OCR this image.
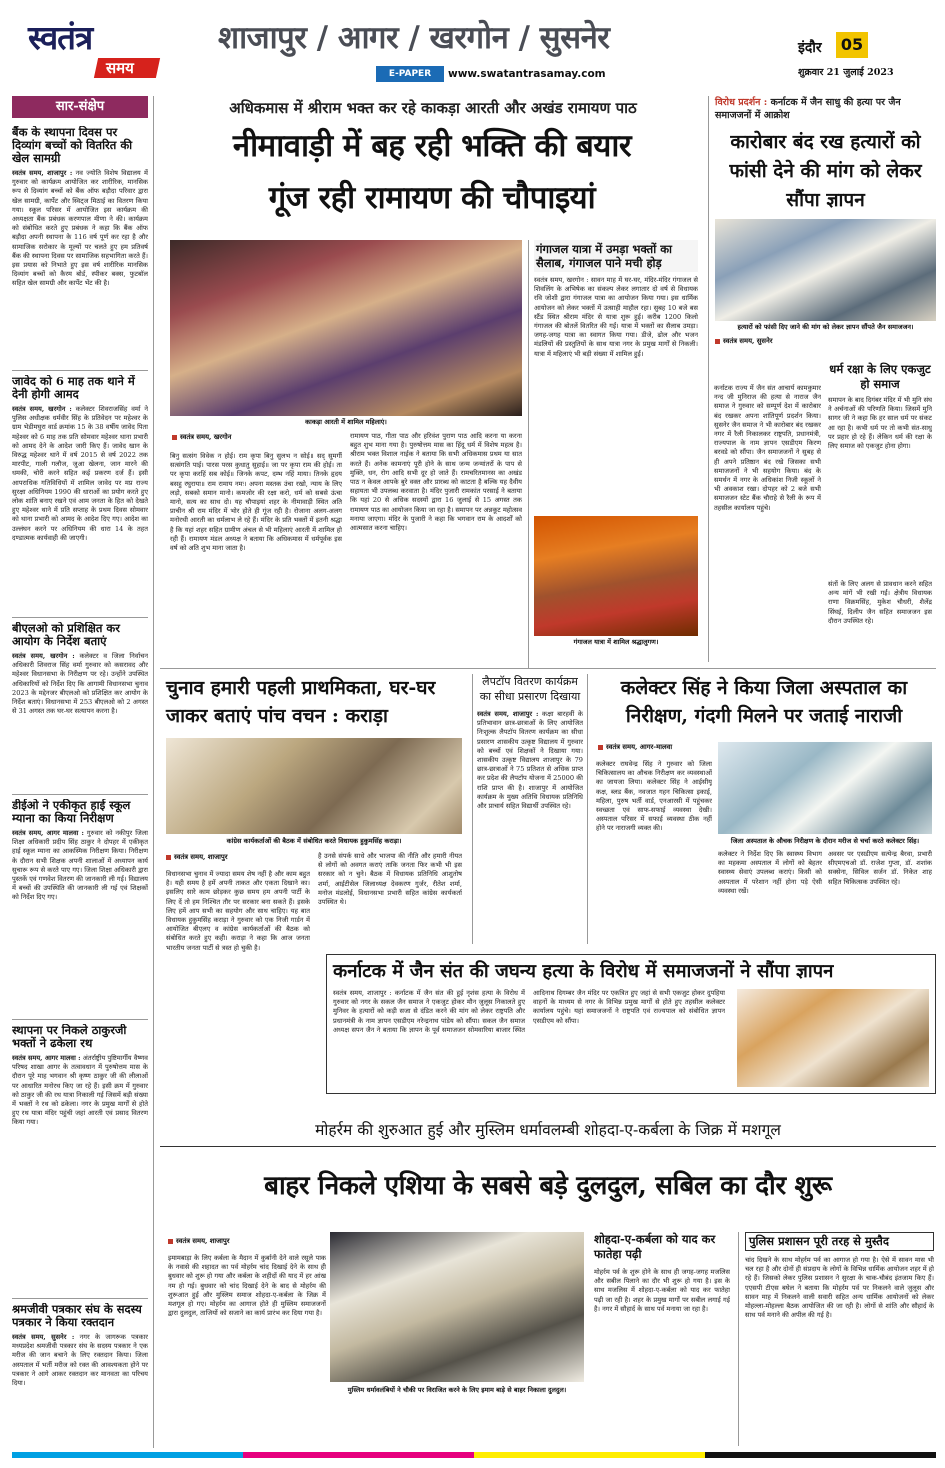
स्वतंत्र
समय
शाजापुर / आगर / खरगोन / सुसनेर
E-PAPER	www.swatantrasamay.com
इंदौर	05
शुक्रवार 21 जुलाई 2023
सार-संक्षेप
बैंक के स्थापना दिवस पर दिव्यांग बच्चों को वितरित की खेल सामग्री
स्वतंत्र समय, शाजापुर : नव ज्योति विशेष विद्यालय में गुरुवार को कार्यक्रम आयोजित कर शारीरिक, मानसिक रूप से दिव्यांग बच्चों को बैंक ऑफ बड़ौदा परिवार द्वारा खेल सामग्री, कार्पेट और स्विट्ज मिठाई का वितरण किया गया। स्कूल परिसर में आयोजित इस कार्यक्रम की अध्यक्षता बैंक प्रबंधक करणपाल मीणा ने की। कार्यक्रम को संबोधित करते हुए प्रबंधक ने कहा कि बैंक ऑफ बड़ौदा अपनी स्थापना के 116 वर्ष पूर्ण कर रहा है और सामाजिक सरोकार के मूल्यों पर चलते हुए हम प्रतिवर्ष बैंक की स्थापना दिवस पर सामाजिक सहभागिता करते हैं। इस प्रयास को निभाते हुए इस वर्ष शारीरिक मानसिक दिव्यांग बच्चों को कैरम बोर्ड, स्पीकर बक्स, फुटबॉल सहित खेल सामग्री और कार्पेट भेंट की है।
जावेद को 6 माह तक थाने में देनी होगी आमद
स्वतंत्र समय, खरगोन : कलेक्टर शिवराजसिंह वर्मा ने पुलिस अधीक्षक धर्मवीर सिंह के प्रतिवेदन पर महेश्वर के ग्राम भेडीमघुरा वार्ड क्रमांक 15 के 38 वर्षीय जावेद पिता महेश्वर को 6 माह तक प्रति सोमवार महेश्वर थाना प्रभारी को आमद देने के आदेश जारी किए हैं। जावेद खान के विरुद्ध महेश्वर थाने में वर्ष 2015 से वर्ष 2022 तक मारपीट, गाली गलौज, जुआ खेलना, जान मारने की धमकी, चोरी करने सहित कई प्रकरण दर्ज हैं। इसी आपराधिक गतिविधियों में शामिल जावेद पर मप्र राज्य सुरक्षा अधिनियम 1990 की धाराओं का प्रयोग करते हुए लोक शांति बनाए रखने एवं आम जनता के हित को देखते हुए महेश्वर थाने में प्रति सप्ताह के प्रथम दिवस सोमवार को थाना प्रभारी को आमद के आदेश दिए गए। आदेश का उल्लंघन करने पर अधिनियम की धारा 14 के तहत दण्डात्मक कार्यवाही की जाएगी।
बीएलओ को प्रशिक्षित कर आयोग के निर्देश बताएं
स्वतंत्र समय, खरगोन : कलेक्टर व जिला निर्वाचन अधिकारी शिवराज सिंह वर्मा गुरुवार को कसरावद और महेश्वर विधानसभा के निरीक्षण पर रहे। उन्होंने उपस्थित अधिकारियों को निर्देश दिए कि आगामी विधानसभा चुनाव 2023 के मद्देनजर बीएलओ को प्रशिक्षित कर आयोग के निर्देश बताएं। विधानसभा में 253 बीएलओ को 2 अगस्त से 31 अगस्त तक घर-घर सत्यापन करना है।
डीईओ ने एकीकृत हाई स्कूल म्याना का किया निरीक्षण
स्वतंत्र समय, आगर मालवा : गुरुवार को नकीपुर जिला शिक्षा अधिकारी प्रदीप सिंह ठाकुर ने दोपहर में एकीकृत हाई स्कूल म्याना का आकस्मिक निरीक्षण किया। निरीक्षण के दौरान सभी शिक्षक अपनी शालाओं में अध्यापन कार्य सुचारू रूप से करते पाए गए। जिला शिक्षा अधिकारी द्वारा पुस्तकें एवं गणवेश वितरण की जानकारी ली गई। विद्यालय में बच्चों की उपस्थिति की जानकारी ली गई एवं शिक्षकों को निर्देश दिए गए।
स्थापना पर निकले ठाकुरजी भक्तों ने ढकेला रथ
स्वतंत्र समय, आगर मालवा : अंतर्राष्ट्रीय पुष्टिमार्गीय वैष्णव परिषद शाखा आगर के तत्वावधान में पुरुषोत्तम मास के दौरान पूरे माह भगवान श्री कृष्ण ठाकुर जी की लीलाओं पर आधारित मनोरथ किए जा रहे हैं। इसी क्रम में गुरुवार को ठाकुर जी की रथ यात्रा निकाली गई जिसमें बड़ी संख्या में भक्तों ने रथ को ढकेला। नगर के प्रमुख मार्गों से होते हुए रथ यात्रा मंदिर पहुंची जहां आरती एवं प्रसाद वितरण किया गया।
श्रमजीवी पत्रकार संघ के सदस्य पत्रकार ने किया रक्तदान
स्वतंत्र समय, सुसनेर : नगर के जागरूक पत्रकार मध्यप्रदेश श्रमजीवी पत्रकार संघ के सदस्य पत्रकार ने एक मरीज की जान बचाने के लिए रक्तदान किया। जिला अस्पताल में भर्ती मरीज को रक्त की आवश्यकता होने पर पत्रकार ने आगे आकर रक्तदान कर मानवता का परिचय दिया।
अधिकमास में श्रीराम भक्त कर रहे काकड़ा आरती और अखंड रामायण पाठ
नीमावाड़ी में बह रही भक्ति की बयार
गूंज रही रामायण की चौपाइयां
काकड़ा आरती में शामिल महिलाएं।
स्वतंत्र समय, खरगोन
बिनु सत्संग विवेक न होई। राम कृपा बिनु सुलभ न सोई॥ सद् सुमर्गी सत्संगति पाई। पारस परस कुधातु सुहाई॥ जा पर कृपा राम की होई। ता पर कृपा करहिं सब कोई॥ जिनके कपट, दम्भ नहिं माया। तिनके हृदय बसहु रघुराया॥ राम रामाय नमः। अपना मस्तक उंचा रखो, न्याय के लिए लड़ो, सबको समान मानो। कमजोर की रक्षा करो, धर्म को सबसे ऊंचा मानो, सत्य का साथ दो। यह चौपाइयां शहर के नीमावाड़ी स्थित अति प्राचीन श्री राम मंदिर में भोर होते ही गूंज रही है। रोजाना अलग-अलग मनोरथी आरती का धर्मलाभ ले रहे हैं। मंदिर के प्रति भक्तों में इतनी श्रद्धा है कि यहां शहर सहित ग्रामीण अंचल से भी महिलाएं आरती में शामिल हो रही हैं। रामायण मंडल अध्यक्ष ने बताया कि अधिकमास में धर्मपूर्वक इस वर्ष को अति शुभ माना जाता है।
रामायण पाठ, गीता पाठ और हरिवंश पुराण पाठ आदि करना या करना बहुत शुभ माना गया है। पुरुषोत्तम मास का हिंदू धर्म में विशेष महत्व है। श्रीराम भक्त विशाल नाईक ने बताया कि सभी अधिकमास प्रथम या सात करते हैं। अनेक कामनाएं पूरी होने के साथ जन्म जन्मांतरों के पाप से मुक्ति, धन, रोग आदि सभी दूर हो जाते हैं। रामचरितमानस का अखंड पाठ न केवल आपके बुरे वक्त और प्रारब्ध को काटता है बल्कि यह दैवीय सहायता भी उपलब्ध करवाता है। मंदिर पुजारी रामकांत परसाई ने बताया कि यहां 20 से अधिक सदस्यों द्वारा 16 जुलाई से 15 अगस्त तक रामायण पाठ का आयोजन किया जा रहा है। समापन पर अन्नकूट महोत्सव मनाया जाएगा। मंदिर के पुजारी ने कहा कि भगवान राम के आदर्शों को आत्मसात करना चाहिए।
गंगाजल यात्रा में उमड़ा भक्तों का सैलाब, गंगाजल पाने मची होड़
स्वतंत्र समय, खरगोन : सावन माह में घर-घर, मंदिर-मंदिर गंगाजल से शिवलिंग के अभिषेक का संकल्प लेकर लगातार दो वर्ष से विधायक रवि जोशी द्वारा गंगाजल यात्रा का आयोजन किया गया। इस धार्मिक आयोजन को लेकर भक्तों में उत्साही माहौल रहा। सुबह 10 बजे बस स्टैंड स्थित श्रीराम मंदिर से यात्रा शुरू हुई। करीब 1200 किलो गंगाजल की बोतलें वितरित की गईं। यात्रा में भक्तों का सैलाब उमड़ा। जगह-जगह यात्रा का स्वागत किया गया। डीजे, ढोल और भजन मंडलियों की प्रस्तुतियों के साथ यात्रा नगर के प्रमुख मार्गों से निकली। यात्रा में महिलाएं भी बड़ी संख्या में शामिल हुईं।
गंगाजल यात्रा में शामिल श्रद्धालुगण।
विरोध प्रदर्शन : कर्नाटक में जैन साधु की हत्या पर जैन समाजजनों में आक्रोश
कारोबार बंद रख हत्यारों को फांसी देने की मांग को लेकर सौंपा ज्ञापन
हत्यारों को फांसी दिए जाने की मांग को लेकर ज्ञापन सौंपते जैन समाजजन।
स्वतंत्र समय, सुसनेर
कर्नाटक राज्य में जैन संत आचार्य कामकुमार नन्द जी मुनिराज की हत्या से नाराज जैन समाज ने गुरुवार को सम्पूर्ण देश में कारोबार बंद रखकर अपना शांतिपूर्ण प्रदर्शन किया। सुसनेर जैन समाज ने भी कारोबार बंद रखकर नगर में रैली निकालकर राष्ट्रपति, प्रधानमंत्री, राज्यपाल के नाम ज्ञापन एसडीएम किरण बरवडे को सौंपा। जैन समाजजनों ने सुबह से ही अपने प्रतिष्ठान बंद रखे जिसका सभी समाजजनों ने भी सहयोग किया। बंद के समर्थन में नगर के अधिकांश निजी स्कूलों ने भी अवकाश रखा। दोपहर को 2 बजे सभी समाजजन स्टेट बैंक चौराहे से रैली के रूप में तहसील कार्यालय पहुंचे।
धर्म रक्षा के लिए एकजुट हो समाज
समापन के बाद दिगंबर मंदिर में भी मुनि संघ ने अर्चनाओं की परिणति किया। जिसमें मुनि सागर जी ने कहा कि हर साल धर्म पर संकट आ रहा है। कभी धर्म पर तो कभी संत-साधु पर प्रहार हो रहे हैं। लेकिन धर्म की रक्षा के लिए समाज को एकजुट होना होगा।
संतों के लिए अलग से प्रावधान करने सहित अन्य मांगें भी रखी गईं। क्षेत्रीय विधायक राणा विक्रमसिंह, मुकेश चौधरी, शैलेंद्र सिंघई, दिलीप जैन सहित समाजजन इस दौरान उपस्थित रहे।
चुनाव हमारी पहली प्राथमिकता, घर-घर जाकर बताएं पांच वचन : कराड़ा
कांग्रेस कार्यकर्ताओं की बैठक में संबोधित करते विधायक हुकुमसिंह कराड़ा।
स्वतंत्र समय, शाजापुर
विधानसभा चुनाव में ज्यादा समय शेष नहीं है और काम बहुत है। यही समय है हमें अपनी ताकत और एकता दिखाने का। इसलिए सारे काम छोड़कर कुछ समय हम अपनी पार्टी के लिए दें तो हम निश्चित तौर पर सरकार बना सकते हैं। इसके लिए हमें आप सभी का सहयोग और साथ चाहिए। यह बात विधायक हुकुमसिंह कराड़ा ने गुरुवार को एक निजी गार्डन में आयोजित बीएलए व कांग्रेस कार्यकर्ताओं की बैठक को संबोधित करते हुए कही। कराड़ा ने कहा कि आज जनता भारतीय जनता पार्टी से त्रस्त हो चुकी है।
है उनसे संपर्क साधे और भाजपा की नीति और हमारी नीयत से लोगों को अवगत कराएं ताकि जनता फिर कभी भी इस सरकार को न चुने। बैठक में विधायक प्रतिनिधि आशुतोष शर्मा, आईटीसेल जिलाध्यक्ष देवकरण गुर्जर, रीतेश शर्मा, मनोज मंडलोई, विधानसभा प्रभारी सहित कांग्रेस कार्यकर्ता उपस्थित थे।
लैपटॉप वितरण कार्यक्रम का सीधा प्रसारण दिखाया
स्वतंत्र समय, शाजापुर : कक्षा बारहवीं के प्रतिभावान छात्र-छात्राओं के लिए आयोजित निःशुल्क लैपटॉप वितरण कार्यक्रम का सीधा प्रसारण शासकीय उत्कृष्ट विद्यालय में गुरुवार को बच्चों एवं शिक्षकों ने दिखाया गया। शासकीय उत्कृष्ट विद्यालय शाजापुर के 79 छात्र-छात्राओं ने 75 प्रतिशत से अधिक प्राप्त कर प्रदेश की लैपटॉप योजना में 25000 की राशि प्राप्त की है। शाजापुर में आयोजित कार्यक्रम के मुख्य अतिथि विधायक प्रतिनिधि और प्राचार्य सहित विद्यार्थी उपस्थित रहे।
कलेक्टर सिंह ने किया जिला अस्पताल का निरीक्षण, गंदगी मिलने पर जताई नाराजी
स्वतंत्र समय, आगर-मालवा
कलेक्टर राघवेन्द्र सिंह ने गुरुवार को जिला चिकित्सालय का औचक निरीक्षण कर व्यवस्थाओं का जायजा लिया। कलेक्टर सिंह ने आईसीयू कक्ष, ब्लड बैंक, नवजात गहन चिकित्सा इकाई, महिला, पुरुष भर्ती वार्ड, एनआरसी में पहुंचकर स्वच्छता एवं साफ-सफाई व्यवस्था देखी। अस्पताल परिसर में सफाई व्यवस्था ठीक नहीं होने पर नाराजगी व्यक्त की।
जिला अस्पताल के औचक निरीक्षण के दौरान मरीज से चर्चा करते कलेक्टर सिंह।
कलेक्टर ने निर्देश दिए कि स्वास्थ्य विभाग का महकमा अस्पताल में लोगों को बेहतर स्वास्थ्य सेवाएं उपलब्ध कराएं। किसी को अस्पताल में परेशान नहीं होना पड़े ऐसी व्यवस्था रखें।
अवसर पर एसडीएम सत्येन्द्र बैरवा, प्रभारी सीएमएचओ डॉ. राजेश गुप्ता, डॉ. शशांक सक्सेना, सिविल सर्जन डॉ. निकेत शाह सहित चिकित्सक उपस्थित रहे।
कर्नाटक में जैन संत की जघन्य हत्या के विरोध में समाजजनों ने सौंपा ज्ञापन
स्वतंत्र समय, शाजापुर : कर्नाटक में जैन संत की हुई नृशंस हत्या के विरोध में गुरुवार को नगर के सकल जैन समाज ने एकजुट होकर मौन जुलूस निकालते हुए मुनिवर के हत्यारों को कड़ी सजा से दंडित करने की मांग को लेकर राष्ट्रपति और प्रधानमंत्री के नाम ज्ञापन एसडीएम नरेन्द्रनाथ पांडेय को सौंपा। सकल जैन समाज अध्यक्ष सपन जैन ने बताया कि ज्ञापन के पूर्व समाजजन सोमवारिया बाजार स्थित आदिनाथ दिगम्बर जैन मंदिर पर एकत्रित हुए जहां से सभी एकजुट होकर दुपहिया वाहनों के माध्यम से नगर के विभिन्न प्रमुख मार्गों से होते हुए तहसील कलेक्टर कार्यालय पहुंचे। यहां समाजजनों ने राष्ट्रपति एवं राज्यपाल को संबोधित ज्ञापन एसडीएम को सौंपा।
मोहर्रम की शुरुआत हुई और मुस्लिम धर्मावलम्बी शोहदा-ए-कर्बला के जिक्र में मशगूल
बाहर निकले एशिया के सबसे बड़े दुलदुल, सबिल का दौर शुरू
स्वतंत्र समय, शाजापुर
इमामबाड़ा के लिए कर्बला के मैदान में कुर्बानी देने वाले रसूले पाक के नवासे की शहादत का पर्व मोहर्रम चांद दिखाई देने के साथ ही बुधवार को शुरू हो गया और कर्बला के शहीदों की याद में हर आंख नम हो गई। बुधवार को चांद दिखाई देने के बाद से मोहर्रम की शुरूआत हुई और मुस्लिम समाज शोहदा-ए-कर्बला के जिक्र में मशगूल हो गए। मोहर्रम का आगाज होते ही मुस्लिम समाजजनों द्वारा दुलदुल, ताजियों को सजाने का कार्य प्रारंभ कर दिया गया है।
मुस्लिम धर्मावलंबियों ने चौकी पर विराजित करने के लिए इमाम बाड़े से बाहर निकाला दुलदुल।
शोहदा-ए-कर्बला को याद कर फातेहा पढ़ी
मोहर्रम पर्व के शुरू होने के साथ ही जगह-जगह मजलिस और सबील पिलाने का दौर भी शुरू हो गया है। इस के साथ मजलिस में शोहदा-ए-कर्बला को याद कर फातेहा पढ़ी जा रही है। शहर के प्रमुख मार्गों पर सबील लगाई गई है। नगर में सौहार्द के साथ पर्व मनाया जा रहा है।
पुलिस प्रशासन पूरी तरह से मुस्तैद
चांद दिखने के साथ मोहर्रम पर्व का आगाज हो गया है। ऐसे में सावन मास भी चल रहा है और दोनों ही संप्रदाय के लोगों के विभिन्न धार्मिक आयोजन शहर में हो रहे हैं। जिसको लेकर पुलिस प्रशासन ने सुरक्षा के चाक-चौबंद इंतजाम किए हैं। एएसपी टीएस बघेल ने बताया कि मोहर्रम पर्व पर निकलने वाले जुलूस और सावन माह में निकलने वाली सवारी सहित अन्य धार्मिक आयोजनों को लेकर मोहल्ला-मोहल्ला बैठक आयोजित की जा रही है। लोगों से शांति और सौहार्द के साथ पर्व मनाने की अपील की गई है।
